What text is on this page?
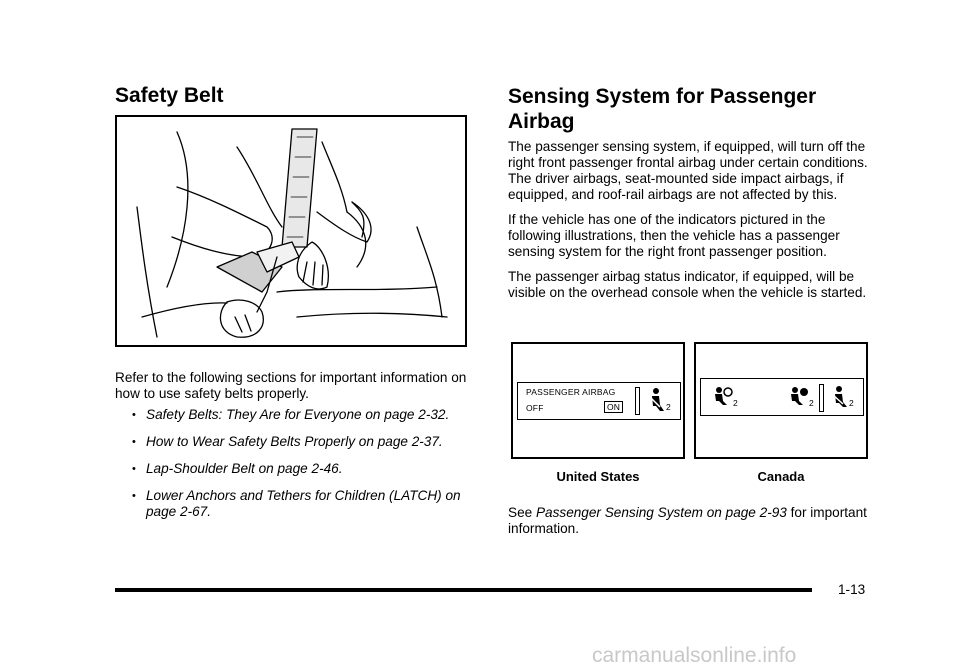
Safety Belt
Refer to the following sections for important information on how to use safety belts properly.
• Safety Belts: They Are for Everyone on page 2-32.
• How to Wear Safety Belts Properly on page 2-37.
• Lap-Shoulder Belt on page 2-46.
• Lower Anchors and Tethers for Children (LATCH) on page 2-67.
Sensing System for Passenger Airbag

The passenger sensing system, if equipped, will turn off the right front passenger frontal airbag under certain conditions. The driver airbags, seat-mounted side impact airbags, if equipped, and roof-rail airbags are not affected by this.

If the vehicle has one of the indicators pictured in the following illustrations, then the vehicle has a passenger sensing system for the right front passenger position.

The passenger airbag status indicator, if equipped, will be visible on the overhead console when the vehicle is started.

PASSENGER AIRBAG
OFF	ON	2
United States
2	2	2
Canada
See Passenger Sensing System on page 2-93 for important information.
1-13
carmanualsonline.info
